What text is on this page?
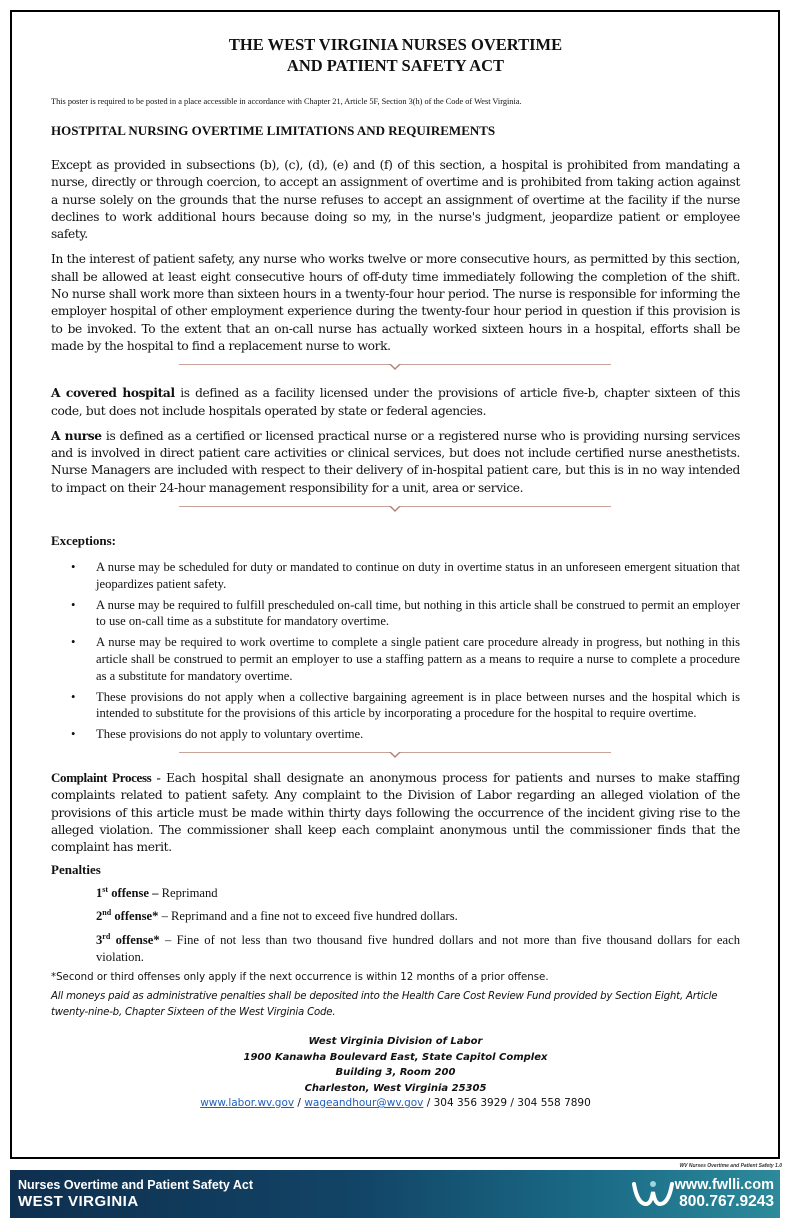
THE WEST VIRGINIA NURSES OVERTIME
AND PATIENT SAFETY ACT

This poster is required to be posted in a place accessible in accordance with Chapter 21, Article 5F, Section 3(h) of the Code of West Virginia.

HOSTPITAL NURSING OVERTIME LIMITATIONS AND REQUIREMENTS

Except as provided in subsections (b), (c), (d), (e) and (f) of this section, a hospital is prohibited from mandating a nurse, directly or through coercion, to accept an assignment of overtime and is prohibited from taking action against a nurse solely on the grounds that the nurse refuses to accept an assignment of overtime at the facility if the nurse declines to work additional hours because doing so my, in the nurse's judgment, jeopardize patient or employee safety.

In the interest of patient safety, any nurse who works twelve or more consecutive hours, as permitted by this section, shall be allowed at least eight consecutive hours of off-duty time immediately following the completion of the shift. No nurse shall work more than sixteen hours in a twenty-four hour period. The nurse is responsible for informing the employer hospital of other employment experience during the twenty-four hour period in question if this provision is to be invoked. To the extent that an on-call nurse has actually worked sixteen hours in a hospital, efforts shall be made by the hospital to find a replacement nurse to work.

A covered hospital is defined as a facility licensed under the provisions of article five-b, chapter sixteen of this code, but does not include hospitals operated by state or federal agencies.

A nurse is defined as a certified or licensed practical nurse or a registered nurse who is providing nursing services and is involved in direct patient care activities or clinical services, but does not include certified nurse anesthetists. Nurse Managers are included with respect to their delivery of in-hospital patient care, but this is in no way intended to impact on their 24-hour management responsibility for a unit, area or service.

Exceptions:

• A nurse may be scheduled for duty or mandated to continue on duty in overtime status in an unforeseen emergent situation that jeopardizes patient safety.
• A nurse may be required to fulfill prescheduled on-call time, but nothing in this article shall be construed to permit an employer to use on-call time as a substitute for mandatory overtime.
• A nurse may be required to work overtime to complete a single patient care procedure already in progress, but nothing in this article shall be construed to permit an employer to use a staffing pattern as a means to require a nurse to complete a procedure as a substitute for mandatory overtime.
• These provisions do not apply when a collective bargaining agreement is in place between nurses and the hospital which is intended to substitute for the provisions of this article by incorporating a procedure for the hospital to require overtime.
• These provisions do not apply to voluntary overtime.

Complaint Process - Each hospital shall designate an anonymous process for patients and nurses to make staffing complaints related to patient safety. Any complaint to the Division of Labor regarding an alleged violation of the provisions of this article must be made within thirty days following the occurrence of the incident giving rise to the alleged violation. The commissioner shall keep each complaint anonymous until the commissioner finds that the complaint has merit.

Penalties

1st offense – Reprimand

2nd offense* – Reprimand and a fine not to exceed five hundred dollars.

3rd offense* – Fine of not less than two thousand five hundred dollars and not more than five thousand dollars for each violation.

*Second or third offenses only apply if the next occurrence is within 12 months of a prior offense.

All moneys paid as administrative penalties shall be deposited into the Health Care Cost Review Fund provided by Section Eight, Article twenty-nine-b, Chapter Sixteen of the West Virginia Code.

West Virginia Division of Labor
1900 Kanawha Boulevard East, State Capitol Complex
Building 3, Room 200
Charleston, West Virginia 25305
www.labor.wv.gov / wageandhour@wv.gov / 304 356 3929 / 304 558 7890
WV Nurses Overtime and Patient Safety 1.0
Nurses Overtime and Patient Safety Act
WEST VIRGINIA
www.fwlli.com
800.767.9243
